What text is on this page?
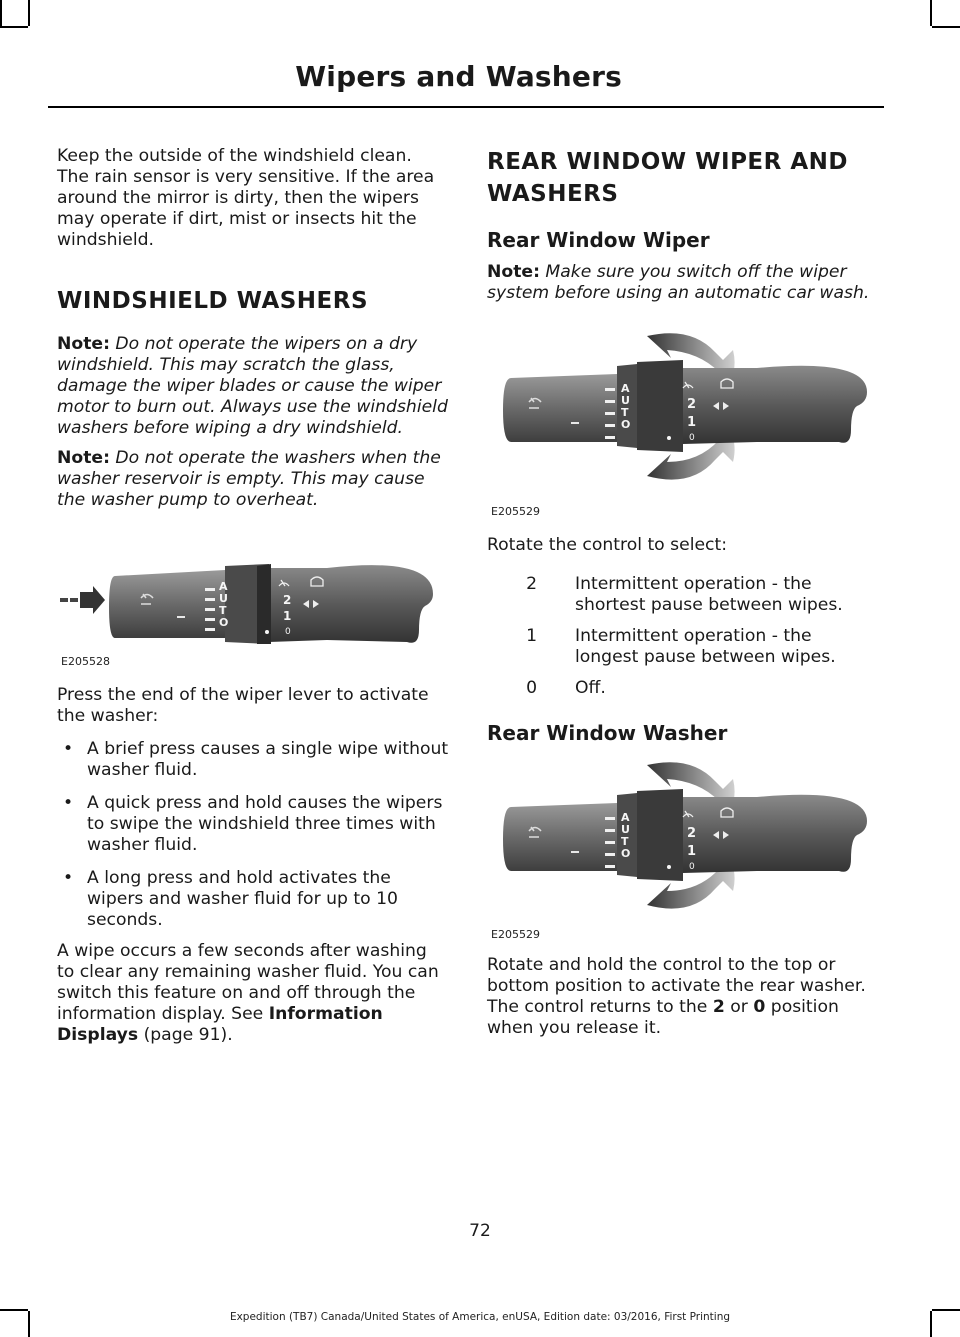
Wipers and Washers

Keep the outside of the windshield clean. The rain sensor is very sensitive. If the area around the mirror is dirty, then the wipers may operate if dirt, mist or insects hit the windshield.

WINDSHIELD WASHERS

Note: Do not operate the wipers on a dry windshield. This may scratch the glass, damage the wiper blades or cause the wiper motor to burn out. Always use the windshield washers before wiping a dry windshield.

Note: Do not operate the washers when the washer reservoir is empty. This may cause the washer pump to overheat.

A
U
T
O
2
1
0
E205528

Press the end of the wiper lever to activate the washer:

• A brief press causes a single wipe without washer fluid.
• A quick press and hold causes the wipers to swipe the windshield three times with washer fluid.
• A long press and hold activates the wipers and washer fluid for up to 10 seconds.

A wipe occurs a few seconds after washing to clear any remaining washer fluid. You can switch this feature on and off through the information display. See Information Displays (page 91).

REAR WINDOW WIPER AND WASHERS
Rear Window Wiper

Note: Make sure you switch off the wiper system before using an automatic car wash.

A
U
T
O
2
1
0
E205529

Rotate the control to select:

2	Intermittent operation - the shortest pause between wipes.
1	Intermittent operation - the longest pause between wipes.
0	Off.
Rear Window Washer
A
U
T
O
2
1
0
E205529

Rotate and hold the control to the top or bottom position to activate the rear washer. The control returns to the 2 or 0 position when you release it.

72
Expedition (TB7) Canada/United States of America, enUSA, Edition date: 03/2016, First Printing
